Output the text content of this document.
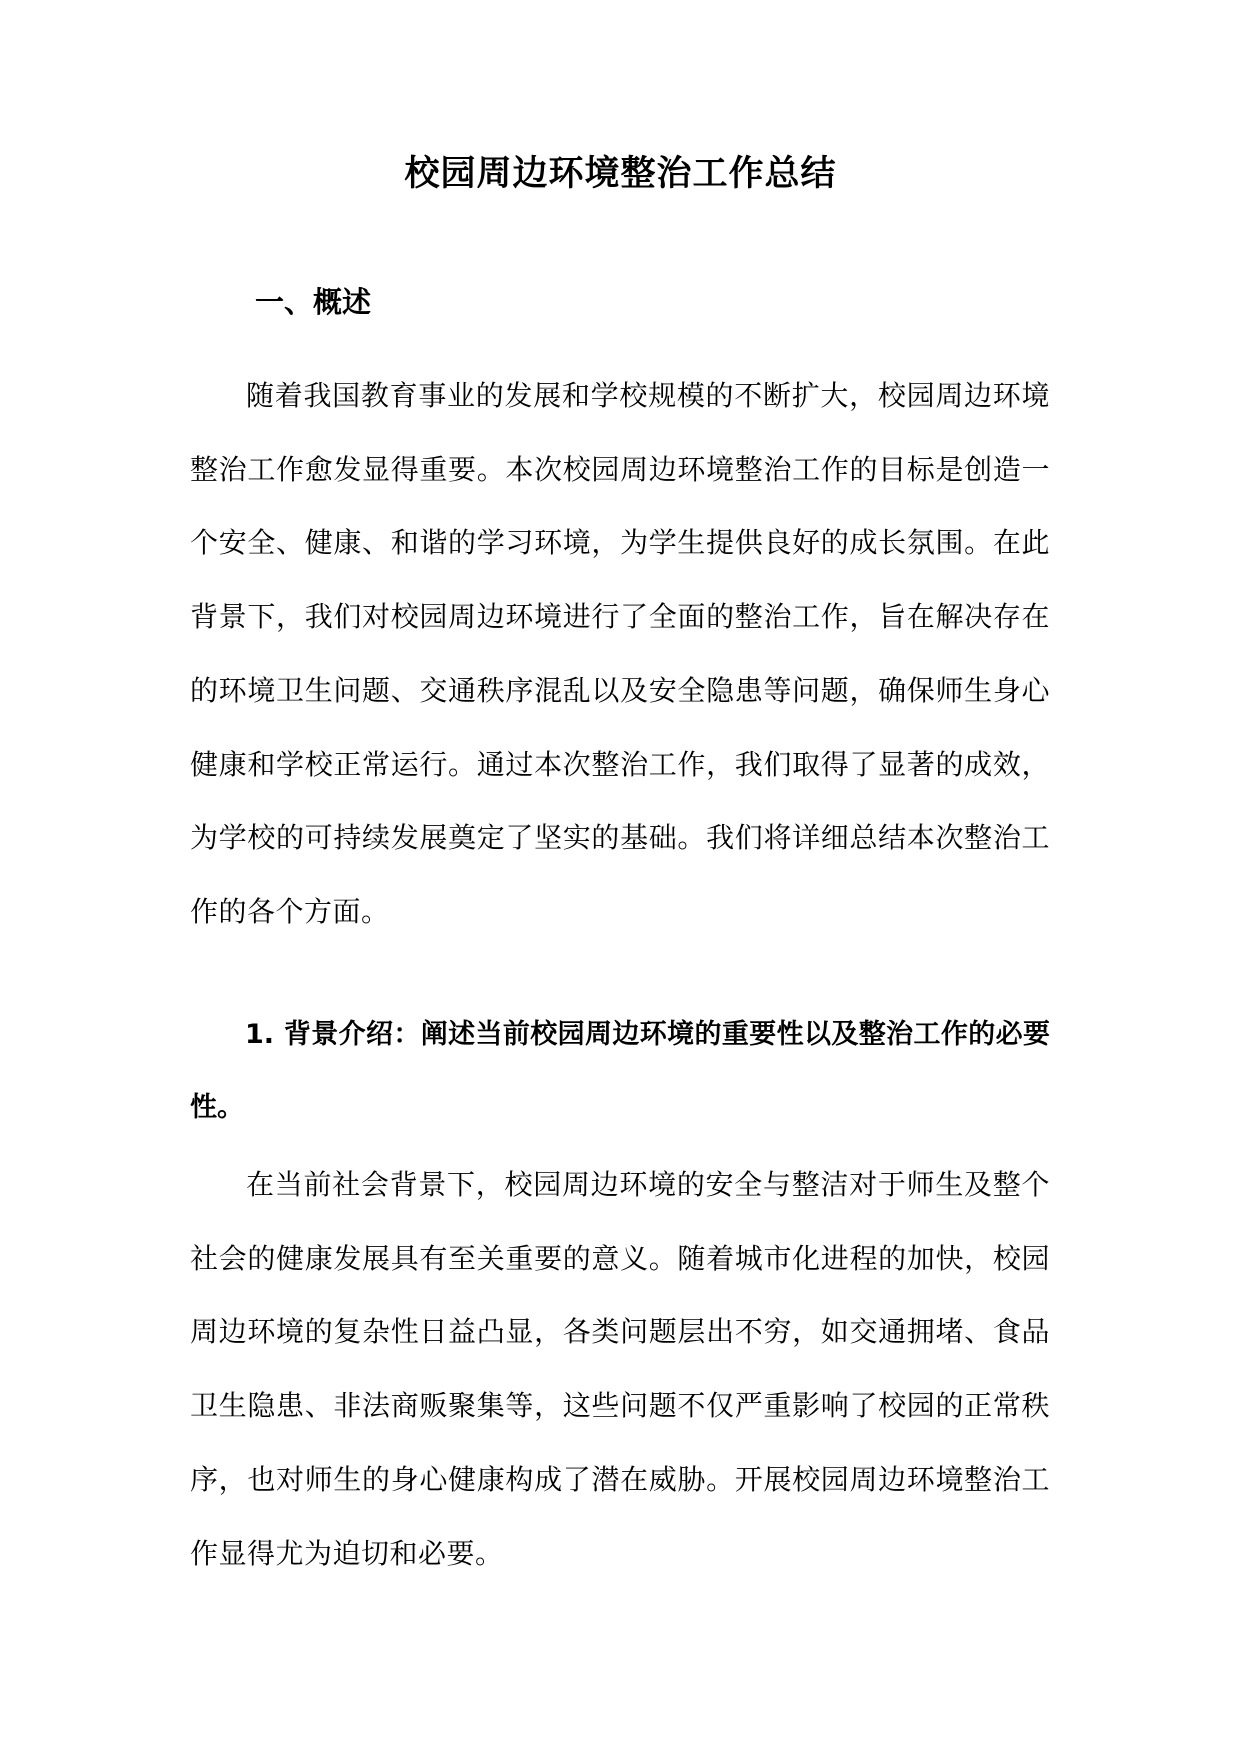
校园周边环境整治工作总结
一、概述

随着我国教育事业的发展和学校规模的不断扩大，校园周边环境整治工作愈发显得重要。本次校园周边环境整治工作的目标是创造一个安全、健康、和谐的学习环境，为学生提供良好的成长氛围。在此背景下，我们对校园周边环境进行了全面的整治工作，旨在解决存在的环境卫生问题、交通秩序混乱以及安全隐患等问题，确保师生身心健康和学校正常运行。通过本次整治工作，我们取得了显著的成效，为学校的可持续发展奠定了坚实的基础。我们将详细总结本次整治工作的各个方面。

1. 背景介绍：阐述当前校园周边环境的重要性以及整治工作的必要性。

在当前社会背景下，校园周边环境的安全与整洁对于师生及整个社会的健康发展具有至关重要的意义。随着城市化进程的加快，校园周边环境的复杂性日益凸显，各类问题层出不穷，如交通拥堵、食品卫生隐患、非法商贩聚集等，这些问题不仅严重影响了校园的正常秩序，也对师生的身心健康构成了潜在威胁。开展校园周边环境整治工作显得尤为迫切和必要。
